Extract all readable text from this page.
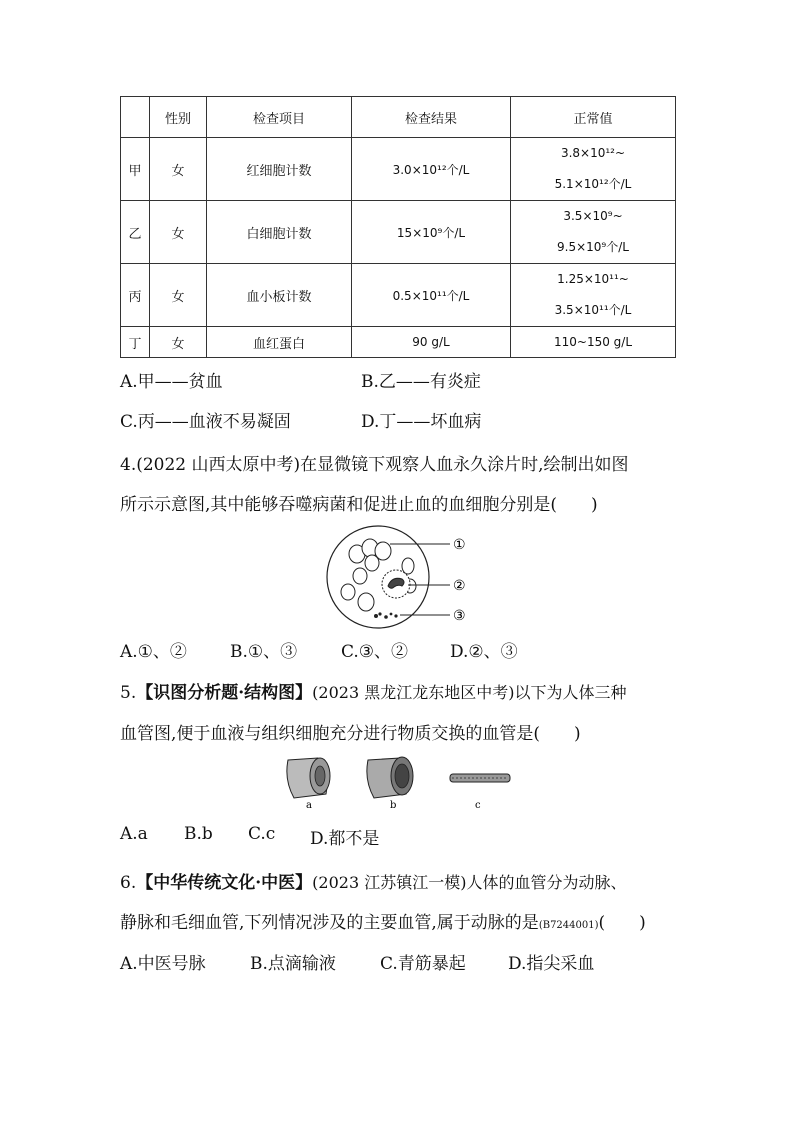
	性别	检查项目	检查结果	正常值
甲	女	红细胞计数	3.0×10¹²个/L	3.8×10¹²~
5.1×10¹²个/L

乙	女	白细胞计数	15×10⁹个/L	3.5×10⁹~
9.5×10⁹个/L

丙	女	血小板计数	0.5×10¹¹个/L	1.25×10¹¹~
3.5×10¹¹个/L

丁	女	血红蛋白	90 g/L	110~150 g/L
A.甲——贫血	B.乙——有炎症
C.丙——血液不易凝固	D.丁——坏血病
4.(2022 山西太原中考)在显微镜下观察人血永久涂片时,绘制出如图
所示示意图,其中能够吞噬病菌和促进止血的血细胞分别是(　　)
①
②
③
A.①、②	B.①、③	C.③、② D.②、③
5.【识图分析题·结构图】(2023 黑龙江龙东地区中考)以下为人体三种
血管图,便于血液与组织细胞充分进行物质交换的血管是(　　)
a	b	c
A.a B.b C.c D.都不是
6.【中华传统文化·中医】(2023 江苏镇江一模)人体的血管分为动脉、
静脉和毛细血管,下列情况涉及的主要血管,属于动脉的是(B7244001)(　　)
A.中医号脉	B.点滴输液	C.青筋暴起 D.指尖采血
